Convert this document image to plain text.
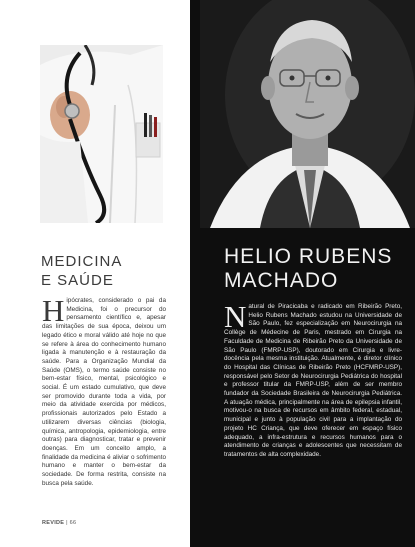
MEDICINA
E SAÚDE
HELIO RUBENS
MACHADO
H ipócrates, considerado o pai da Medicina, foi o precursor do pensamento científico e, apesar das limitações de sua época, deixou um legado ético e moral válido até hoje no que se refere à área do conhecimento humano ligada à manutenção e à restauração da saúde. Para a Organização Mundial da Saúde (OMS), o termo saúde consiste no bem-estar físico, mental, psicológico e social. É um estado cumulativo, que deve ser promovido durante toda a vida, por meio da atividade exercida por médicos, profissionais autorizados pelo Estado a utilizarem diversas ciências (biologia, química, antropologia, epidemiologia, entre outras) para diagnosticar, tratar e prevenir doenças. Em um conceito amplo, a finalidade da medicina é aliviar o sofrimento humano e manter o bem-estar da sociedade. De forma restrita, consiste na busca pela saúde.
N atural de Piracicaba e radicado em Ribeirão Preto, Helio Rubens Machado estudou na Universidade de São Paulo, fez especialização em Neurocirurgia na Collège de Médecine de Paris, mestrado em Cirurgia na Faculdade de Medicina de Ribeirão Preto da Universidade de São Paulo (FMRP-USP), doutorado em Cirurgia e livre-docência pela mesma instituição. Atualmente, é diretor clínico do Hospital das Clínicas de Ribeirão Preto (HCFMRP-USP), responsável pelo Setor de Neurocirurgia Pediátrica do hospital e professor titular da FMRP-USP, além de ser membro fundador da Sociedade Brasileira de Neurocirurgia Pediátrica. A atuação médica, principalmente na área de epilepsia infantil, motivou-o na busca de recursos em âmbito federal, estadual, municipal e junto à população civil para a implantação do projeto HC Criança, que deve oferecer em espaço físico adequado, a infra-estrutura e recursos humanos para o atendimento de crianças e adolescentes que necessitam de tratamentos de alta complexidade.
REVIDE | 66
